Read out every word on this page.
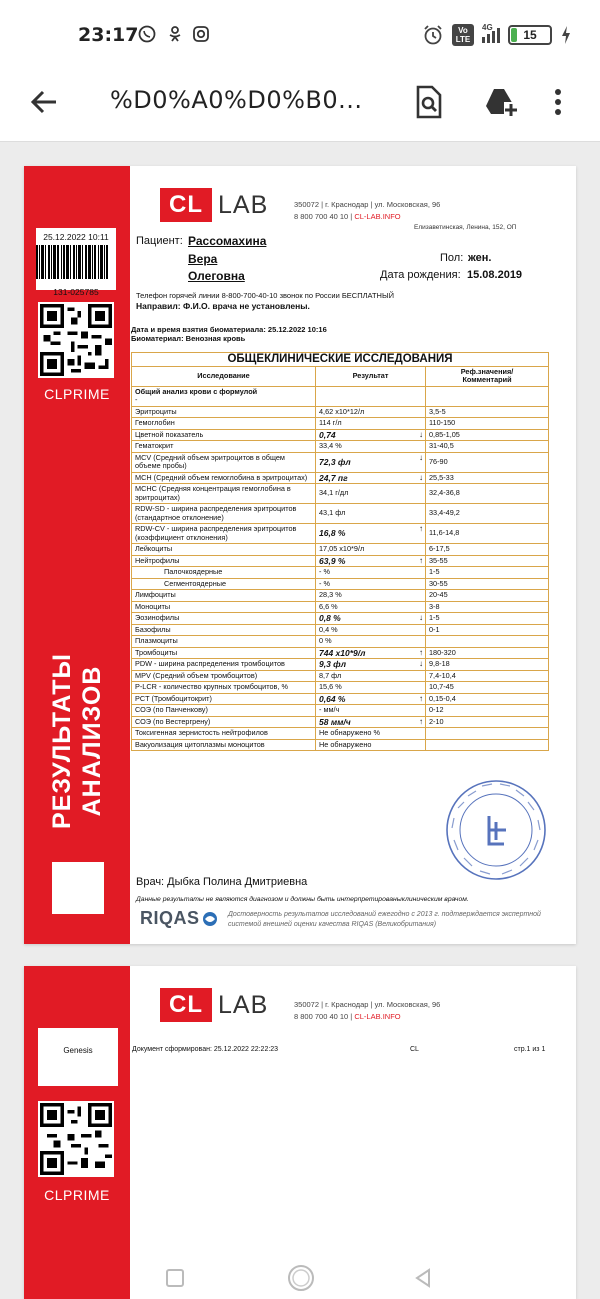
23:17	Vo LTE
4G
15
%D0%A0%D0%B0...
25.12.2022 10:11
131-025785
CLPRIME
РЕЗУЛЬТАТЫ АНАЛИЗОВ
CL LAB	350072 | г. Краснодар | ул. Московская, 96
8 800 700 40 10 | CL-LAB.INFO
Елизаветинская, Ленина, 152, ОП
Пациент: Рассомахина
Вера
Олеговна
Пол: жен.
Дата рождения: 15.08.2019
Телефон горячей линии 8-800-700-40-10 звонок по России БЕСПЛАТНЫЙ
Направил: Ф.И.О. врача не установлены.
Дата и время взятия биоматериала: 25.12.2022 10:16
Биоматериал: Венозная кровь
ОБЩЕКЛИНИЧЕСКИЕ ИССЛЕДОВАНИЯ		
Исследование	Результат	Реф.значения/
Комментарий

Общий анализ крови с формулой
-		

Эритроциты	4,62 x10*12/л	3,5-5
Гемоглобин	114 г/л	110-150
Цветной показатель	0,74 ↓	0,85-1,05
Гематокрит	33,4 %	31-40,5
MCV (Средний объем эритроцитов в общем объеме пробы)	72,3 фл ↓	76-90
MCH (Средний объем гемоглобина в эритроцитах)	24,7 пг ↓	25,5-33
MCHC (Средняя концентрация гемоглобина в эритроцитах)	34,1 г/дл	32,4-36,8
RDW-SD - ширина распределения эритроцитов (стандартное отклонение)	43,1 фл	33,4-49,2
RDW-CV - ширина распределения эритроцитов (коэффициент отклонения)	16,8 % ↑	11,6-14,8
Лейкоциты	17,05 x10*9/л	6-17,5
Нейтрофилы	63,9 % ↑	35-55
Палочкоядерные	- %	1-5
Сегментоядерные	- %	30-55
Лимфоциты	28,3 %	20-45
Моноциты	6,6 %	3-8
Эозинофилы	0,8 % ↓	1-5
Базофилы	0,4 %	0-1
Плазмоциты	0 %	
Тромбоциты	744 x10*9/л ↑	180-320
PDW - ширина распределения тромбоцитов	9,3 фл ↓	9,8-18
MPV (Средний объем тромбоцитов)	8,7 фл	7,4-10,4
P-LCR - количество крупных тромбоцитов, %	15,6 %	10,7-45
PCT (Тромбоцитокрит)	0,64 % ↑	0,15-0,4
СОЭ (по Панченкову)	- мм/ч	0-12
СОЭ (по Вестергрену)	58 мм/ч ↑	2-10
Токсигенная зернистость нейтрофилов	Не обнаружено %	
Вакуолизация цитоплазмы моноцитов	Не обнаружено	
Врач: Дыбка Полина Дмитриевна
Данные результаты не являются диагнозом и должны быть интерпретированыклиническим врачом.
RIQAS	Достоверность результатов исследований ежегодно с 2013 г. подтверждается экспертной системой внешней оценки качества RIQAS (Великобритания)
Genesis
CLPRIME
CL LAB	350072 | г. Краснодар | ул. Московская, 96
8 800 700 40 10 | CL-LAB.INFO
Документ сформирован: 25.12.2022 22:22:23	CL	стр.1 из 1
